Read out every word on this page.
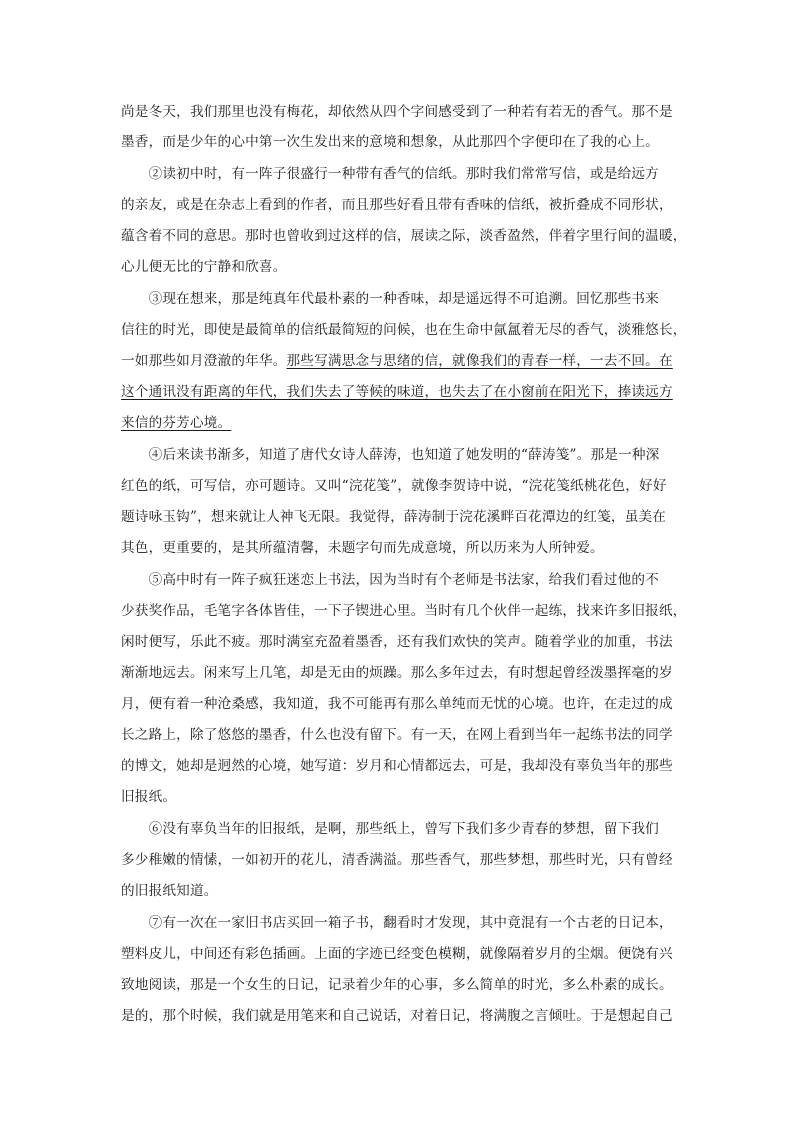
尚是冬天，我们那里也没有梅花，却依然从四个字间感受到了一种若有若无的香气。那不是
墨香，而是少年的心中第一次生发出来的意境和想象，从此那四个字便印在了我的心上。
　　②读初中时，有一阵子很盛行一种带有香气的信纸。那时我们常常写信，或是给远方
的亲友，或是在杂志上看到的作者，而且那些好看且带有香味的信纸，被折叠成不同形状，
蕴含着不同的意思。那时也曾收到过这样的信，展读之际，淡香盈然，伴着字里行间的温暖，
心儿便无比的宁静和欣喜。
　　③现在想来，那是纯真年代最朴素的一种香味，却是遥远得不可追溯。回忆那些书来
信往的时光，即使是最简单的信纸最简短的问候，也在生命中氤氲着无尽的香气，淡雅悠长，
一如那些如月澄澈的年华。那些写满思念与思绪的信，就像我们的青春一样，一去不回。在
这个通讯没有距离的年代，我们失去了等候的味道，也失去了在小窗前在阳光下，捧读远方
来信的芬芳心境。
　　④后来读书渐多，知道了唐代女诗人薛涛，也知道了她发明的“薛涛笺”。那是一种深
红色的纸，可写信，亦可题诗。又叫“浣花笺”，就像李贺诗中说，“浣花笺纸桃花色，好好
题诗咏玉钩”，想来就让人神飞无限。我觉得，薛涛制于浣花溪畔百花潭边的红笺，虽美在
其色，更重要的，是其所蕴清馨，未题字句而先成意境，所以历来为人所钟爱。
　　⑤高中时有一阵子疯狂迷恋上书法，因为当时有个老师是书法家，给我们看过他的不
少获奖作品，毛笔字各体皆佳，一下子锲进心里。当时有几个伙伴一起练，找来许多旧报纸，
闲时便写，乐此不疲。那时满室充盈着墨香，还有我们欢快的笑声。随着学业的加重，书法
渐渐地远去。闲来写上几笔，却是无由的烦躁。那么多年过去，有时想起曾经泼墨挥毫的岁
月，便有着一种沧桑感，我知道，我不可能再有那么单纯而无忧的心境。也许，在走过的成
长之路上，除了悠悠的墨香，什么也没有留下。有一天，在网上看到当年一起练书法的同学
的博文，她却是迥然的心境，她写道：岁月和心情都远去，可是，我却没有辜负当年的那些
旧报纸。
　　⑥没有辜负当年的旧报纸，是啊，那些纸上，曾写下我们多少青春的梦想，留下我们
多少稚嫩的情愫，一如初开的花儿，清香满溢。那些香气，那些梦想，那些时光，只有曾经
的旧报纸知道。
　　⑦有一次在一家旧书店买回一箱子书，翻看时才发现，其中竟混有一个古老的日记本，
塑料皮儿，中间还有彩色插画。上面的字迹已经变色模糊，就像隔着岁月的尘烟。便饶有兴
致地阅读，那是一个女生的日记，记录着少年的心事，多么简单的时光，多么朴素的成长。
是的，那个时候，我们就是用笔来和自己说话，对着日记，将满腹之言倾吐。于是想起自己
